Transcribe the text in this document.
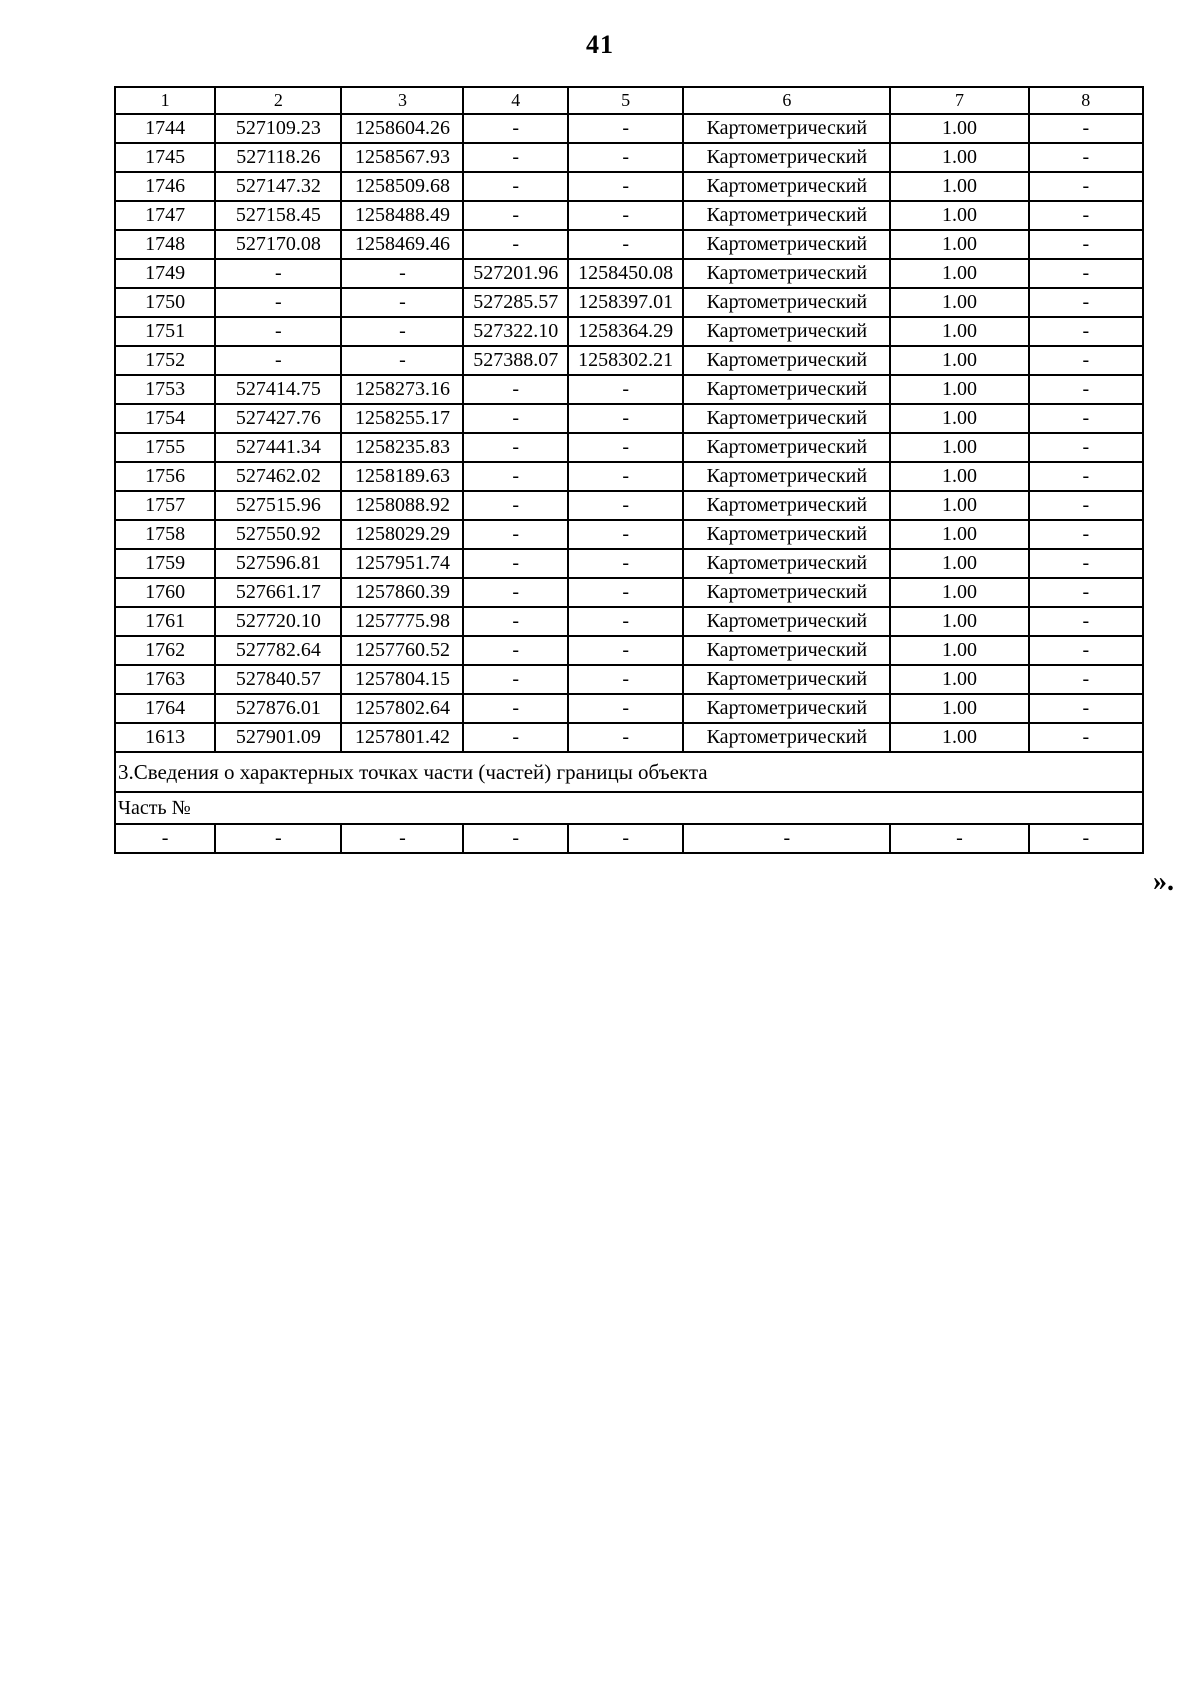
41
1	2	3	4	5	6	7	8
1744	527109.23	1258604.26	-	-	Картометрический	1.00	-
1745	527118.26	1258567.93	-	-	Картометрический	1.00	-
1746	527147.32	1258509.68	-	-	Картометрический	1.00	-
1747	527158.45	1258488.49	-	-	Картометрический	1.00	-
1748	527170.08	1258469.46	-	-	Картометрический	1.00	-
1749	-	-	527201.96	1258450.08	Картометрический	1.00	-
1750	-	-	527285.57	1258397.01	Картометрический	1.00	-
1751	-	-	527322.10	1258364.29	Картометрический	1.00	-
1752	-	-	527388.07	1258302.21	Картометрический	1.00	-
1753	527414.75	1258273.16	-	-	Картометрический	1.00	-
1754	527427.76	1258255.17	-	-	Картометрический	1.00	-
1755	527441.34	1258235.83	-	-	Картометрический	1.00	-
1756	527462.02	1258189.63	-	-	Картометрический	1.00	-
1757	527515.96	1258088.92	-	-	Картометрический	1.00	-
1758	527550.92	1258029.29	-	-	Картометрический	1.00	-
1759	527596.81	1257951.74	-	-	Картометрический	1.00	-
1760	527661.17	1257860.39	-	-	Картометрический	1.00	-
1761	527720.10	1257775.98	-	-	Картометрический	1.00	-
1762	527782.64	1257760.52	-	-	Картометрический	1.00	-
1763	527840.57	1257804.15	-	-	Картометрический	1.00	-
1764	527876.01	1257802.64	-	-	Картометрический	1.00	-
1613	527901.09	1257801.42	-	-	Картометрический	1.00	-
3.Сведения о характерных точках части (частей) границы объекта							
Часть №							
-	-	-	-	-	-	-	-
».
